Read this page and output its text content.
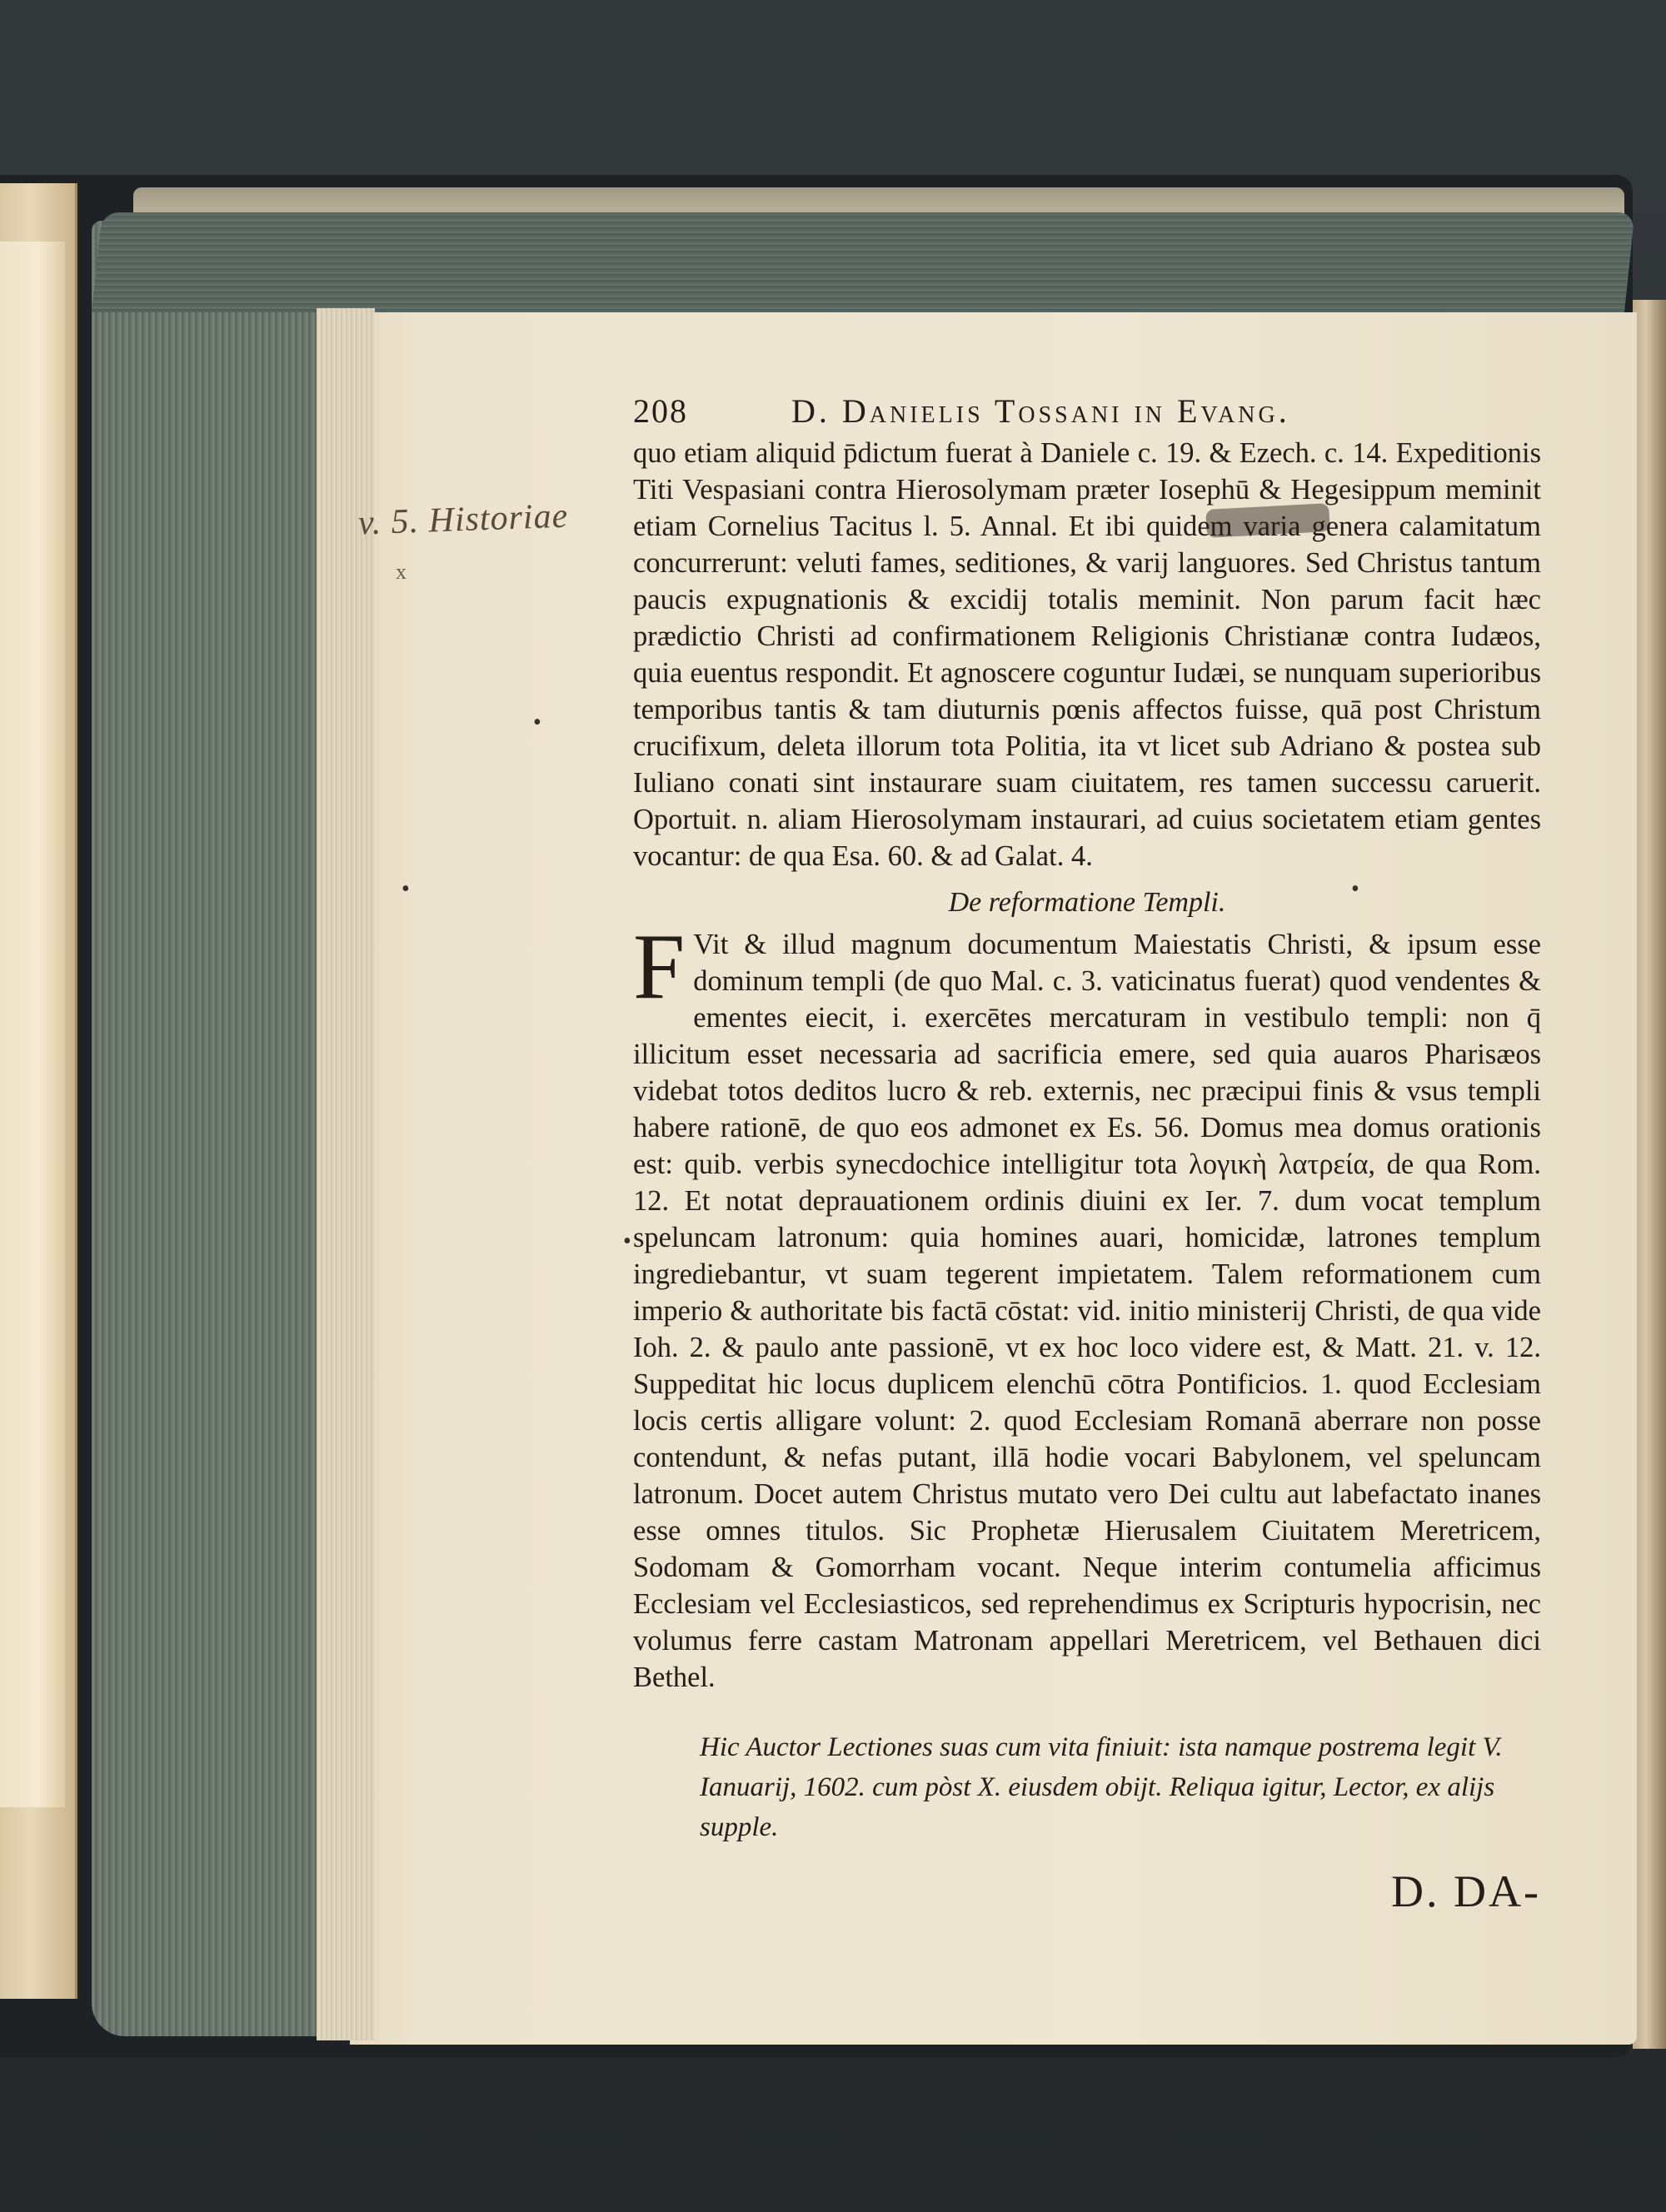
v. 5. Historiae
x
•
•
•
•
208	D. Danielis Tossani in Evang.

quo etiam aliquid p̄dictum fuerat à Daniele c. 19. & Ezech. c. 14. Expeditionis Titi Vespasiani contra Hierosolymam præter Iosephū & Hegesippum meminit etiam Cornelius Tacitus l. 5. Annal. Et ibi quidem varia genera calamitatum concurrerunt: veluti fames, seditiones, & varij languores. Sed Christus tantum paucis expugnationis & excidij totalis meminit. Non parum facit hæc prædictio Christi ad confirmationem Religionis Christianæ contra Iudæos, quia euentus respondit. Et agnoscere coguntur Iudæi, se nunquam superioribus temporibus tantis & tam diuturnis pœnis affectos fuisse, quā post Christum crucifixum, deleta illorum tota Politia, ita vt licet sub Adriano & postea sub Iuliano conati sint instaurare suam ciuitatem, res tamen successu caruerit. Oportuit. n. aliam Hierosolymam instaurari, ad cuius societatem etiam gentes vocantur: de qua Esa. 60. & ad Galat. 4.

De reformatione Templi.

F Vit & illud magnum documentum Maiestatis Christi, & ipsum esse dominum templi (de quo Mal. c. 3. vaticinatus fuerat) quod vendentes & ementes eiecit, i. exercētes mercaturam in vestibulo templi: non q̄ illicitum esset necessaria ad sacrificia emere, sed quia auaros Pharisæos videbat totos deditos lucro & reb. externis, nec præcipui finis & vsus templi habere rationē, de quo eos admonet ex Es. 56. Domus mea domus orationis est: quib. verbis synecdochice intelligitur tota λογικὴ λατρεία, de qua Rom. 12. Et notat deprauationem ordinis diuini ex Ier. 7. dum vocat templum speluncam latronum: quia homines auari, homicidæ, latrones templum ingrediebantur, vt suam tegerent impietatem. Talem reformationem cum imperio & authoritate bis factā cōstat: vid. initio ministerij Christi, de qua vide Ioh. 2. & paulo ante passionē, vt ex hoc loco videre est, & Matt. 21. v. 12. Suppeditat hic locus duplicem elenchū cōtra Pontificios. 1. quod Ecclesiam locis certis alligare volunt: 2. quod Ecclesiam Romanā aberrare non posse contendunt, & nefas putant, illā hodie vocari Babylonem, vel speluncam latronum. Docet autem Christus mutato vero Dei cultu aut labefactato inanes esse omnes titulos. Sic Prophetæ Hierusalem Ciuitatem Meretricem, Sodomam & Gomorrham vocant. Neque interim contumelia afficimus Ecclesiam vel Ecclesiasticos, sed reprehendimus ex Scripturis hypocrisin, nec volumus ferre castam Matronam appellari Meretricem, vel Bethauen dici Bethel.

Hic Auctor Lectiones suas cum vita finiuit: ista namque postrema legit V. Ianuarij, 1602. cum pòst X. eiusdem obijt. Reliqua igitur, Lector, ex alijs supple.
D. DA-
